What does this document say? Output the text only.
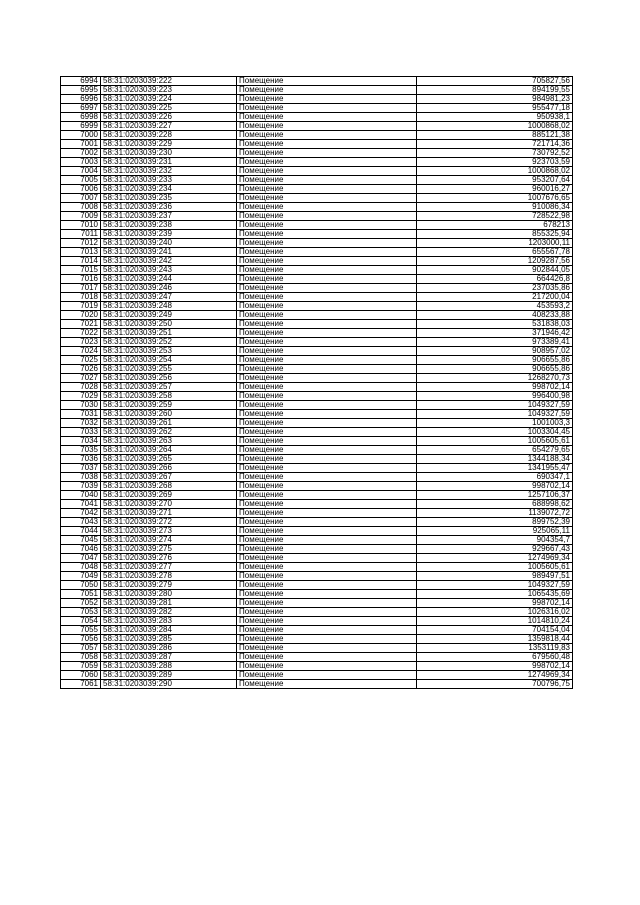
6994	58:31:0203039:222	Помещение	705827,56
6995	58:31:0203039:223	Помещение	894199,55
6996	58:31:0203039:224	Помещение	984981,23
6997	58:31:0203039:225	Помещение	955477,18
6998	58:31:0203039:226	Помещение	950938,1
6999	58:31:0203039:227	Помещение	1000868,02
7000	58:31:0203039:228	Помещение	885121,38
7001	58:31:0203039:229	Помещение	721714,36
7002	58:31:0203039:230	Помещение	730792,52
7003	58:31:0203039:231	Помещение	923703,59
7004	58:31:0203039:232	Помещение	1000868,02
7005	58:31:0203039:233	Помещение	953207,64
7006	58:31:0203039:234	Помещение	960016,27
7007	58:31:0203039:235	Помещение	1007676,65
7008	58:31:0203039:236	Помещение	910086,34
7009	58:31:0203039:237	Помещение	728522,98
7010	58:31:0203039:238	Помещение	678213
7011	58:31:0203039:239	Помещение	855325,94
7012	58:31:0203039:240	Помещение	1203000,11
7013	58:31:0203039:241	Помещение	655567,78
7014	58:31:0203039:242	Помещение	1209287,56
7015	58:31:0203039:243	Помещение	902844,05
7016	58:31:0203039:244	Помещение	664426,8
7017	58:31:0203039:246	Помещение	237035,86
7018	58:31:0203039:247	Помещение	217200,04
7019	58:31:0203039:248	Помещение	453593,2
7020	58:31:0203039:249	Помещение	408233,88
7021	58:31:0203039:250	Помещение	531838,03
7022	58:31:0203039:251	Помещение	371946,42
7023	58:31:0203039:252	Помещение	973389,41
7024	58:31:0203039:253	Помещение	908957,02
7025	58:31:0203039:254	Помещение	906655,86
7026	58:31:0203039:255	Помещение	906655,86
7027	58:31:0203039:256	Помещение	1268270,73
7028	58:31:0203039:257	Помещение	998702,14
7029	58:31:0203039:258	Помещение	996400,98
7030	58:31:0203039:259	Помещение	1049327,59
7031	58:31:0203039:260	Помещение	1049327,59
7032	58:31:0203039:261	Помещение	1001003,3
7033	58:31:0203039:262	Помещение	1003304,45
7034	58:31:0203039:263	Помещение	1005605,61
7035	58:31:0203039:264	Помещение	654279,65
7036	58:31:0203039:265	Помещение	1344188,34
7037	58:31:0203039:266	Помещение	1341955,47
7038	58:31:0203039:267	Помещение	690347,1
7039	58:31:0203039:268	Помещение	998702,14
7040	58:31:0203039:269	Помещение	1257106,37
7041	58:31:0203039:270	Помещение	688998,62
7042	58:31:0203039:271	Помещение	1139072,72
7043	58:31:0203039:272	Помещение	899752,39
7044	58:31:0203039:273	Помещение	925065,11
7045	58:31:0203039:274	Помещение	904354,7
7046	58:31:0203039:275	Помещение	929667,43
7047	58:31:0203039:276	Помещение	1274969,34
7048	58:31:0203039:277	Помещение	1005605,61
7049	58:31:0203039:278	Помещение	989497,51
7050	58:31:0203039:279	Помещение	1049327,59
7051	58:31:0203039:280	Помещение	1065435,69
7052	58:31:0203039:281	Помещение	998702,14
7053	58:31:0203039:282	Помещение	1026316,02
7054	58:31:0203039:283	Помещение	1014810,24
7055	58:31:0203039:284	Помещение	704154,04
7056	58:31:0203039:285	Помещение	1359818,44
7057	58:31:0203039:286	Помещение	1353119,83
7058	58:31:0203039:287	Помещение	679560,48
7059	58:31:0203039:288	Помещение	998702,14
7060	58:31:0203039:289	Помещение	1274969,34
7061	58:31:0203039:290	Помещение	700796,75
